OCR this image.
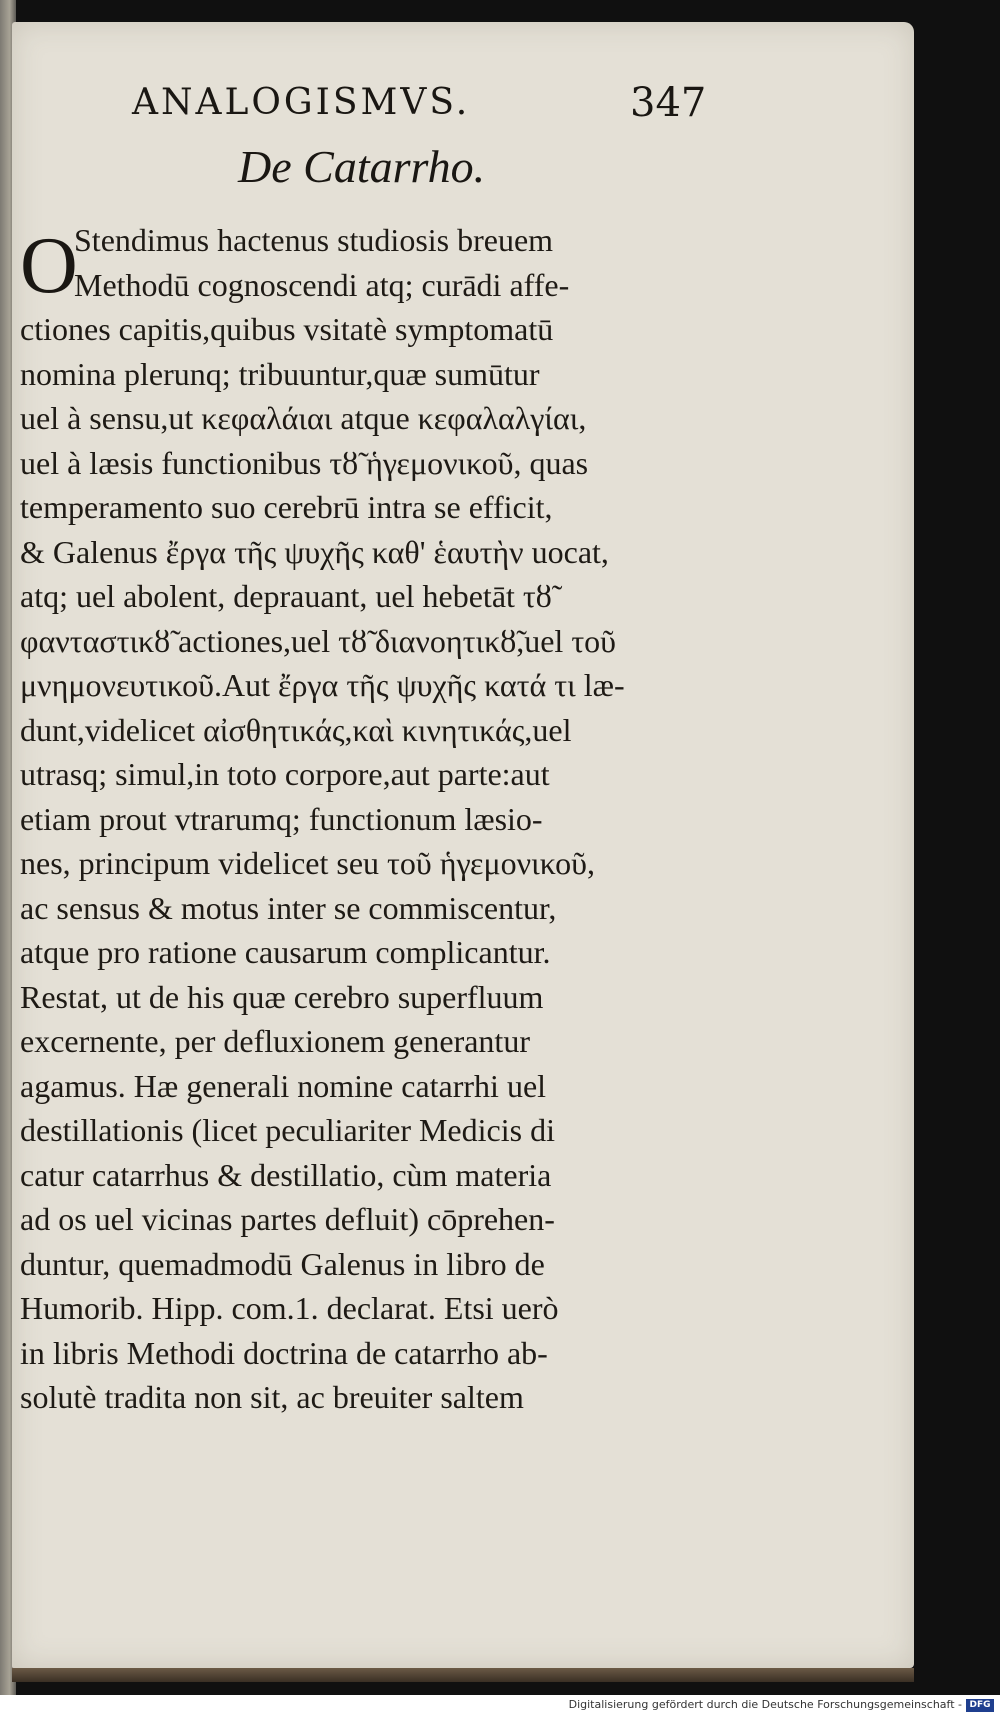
ANALOGISMVS.	347
De Catarrho.
O
Stendimus hactenus studiosis breuem
Methodū cognoscendi atq; curādi affe-
ctiones capitis,quibus vsitatè symptomatū
nomina plerunq; tribuuntur,quæ sumūtur
uel à sensu,ut κεφαλάιαι atque κεφαλαλγίαι,
uel à læsis functionibus τȣ̃ ἡγεμονικοῦ, quas
temperamento suo cerebrū intra se efficit,
& Galenus ἔργα τῆς ψυχῆς καθ' ἑαυτὴν uocat,
atq; uel abolent, deprauant, uel hebetāt τȣ̃
φανταστικȣ̃ actiones,uel τȣ̃ διανοητικȣ̃,uel τοῦ
μνημονευτικοῦ.Aut ἔργα τῆς ψυχῆς κατά τι læ-
dunt,videlicet αἰσθητικάς,καὶ κινητικάς,uel
utrasq; simul,in toto corpore,aut parte:aut
etiam prout vtrarumq; functionum læsio-
nes, principum videlicet seu τοῦ ἡγεμονικοῦ,
ac sensus & motus inter se commiscentur,
atque pro ratione causarum complicantur.
Restat, ut de his quæ cerebro superfluum
excernente, per defluxionem generantur
agamus. Hæ generali nomine catarrhi uel
destillationis (licet peculiariter Medicis di
catur catarrhus & destillatio, cùm materia
ad os uel vicinas partes defluit) cōprehen-
duntur, quemadmodū Galenus in libro de
Humorib. Hipp. com.1. declarat. Etsi uerò
in libris Methodi doctrina de catarrho ab-
solutè tradita non sit, ac breuiter saltem
Digitalisierung gefördert durch die Deutsche Forschungsgemeinschaft - DFG
